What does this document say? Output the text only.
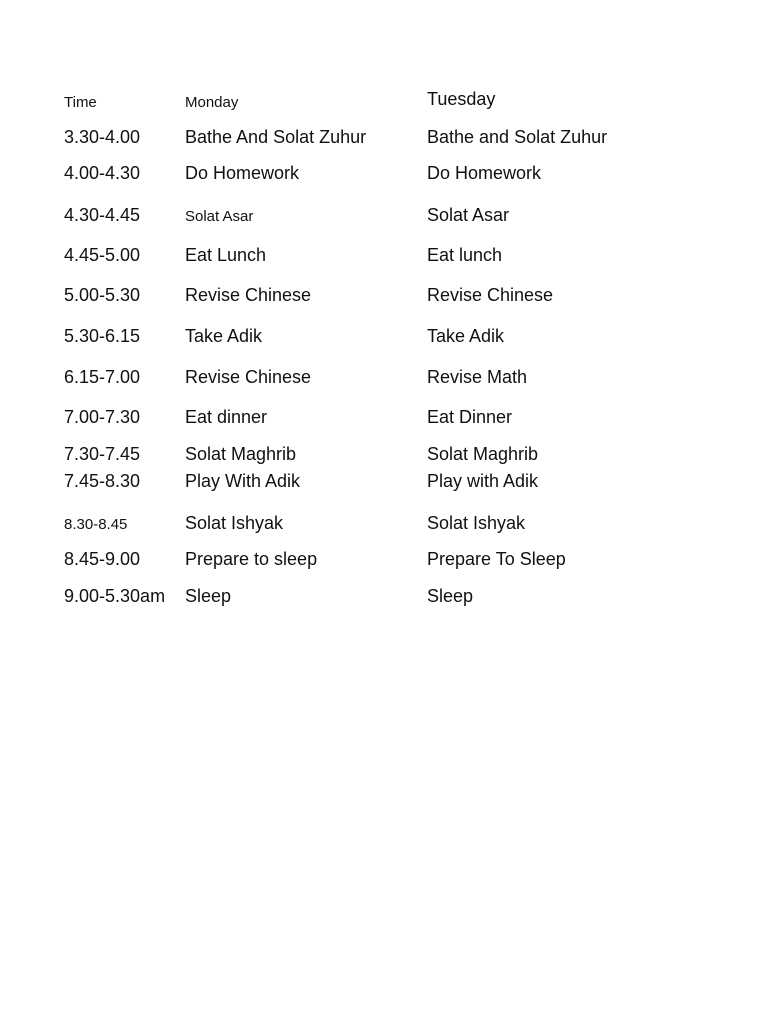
Time	Monday	Tuesday
3.30-4.00 Bathe And Solat Zuhur	Bathe and Solat Zuhur
4.00-4.30 Do Homework	Do Homework
4.30-4.45	Solat Asar	Solat Asar
4.45-5.00 Eat Lunch	Eat lunch
5.00-5.30 Revise Chinese	Revise Chinese
5.30-6.15 Take Adik	Take Adik
6.15-7.00 Revise Chinese	Revise Math
7.00-7.30 Eat dinner	Eat Dinner
7.30-7.45 Solat Maghrib	Solat Maghrib
7.45-8.30 Play With Adik	Play with Adik
8.30-8.45	Solat Ishyak	Solat Ishyak
8.45-9.00 Prepare to sleep	Prepare To Sleep
9.00-5.30am Sleep	Sleep
